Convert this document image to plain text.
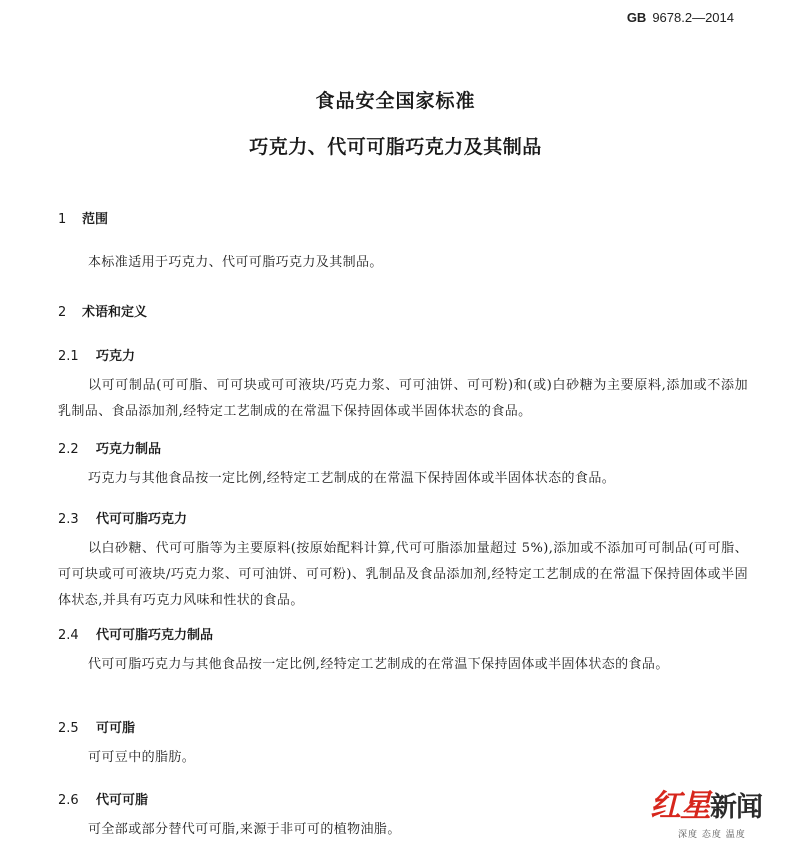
GB 9678.2—2014
食品安全国家标准
巧克力、代可可脂巧克力及其制品
1 范围
本标准适用于巧克力、代可可脂巧克力及其制品。
2 术语和定义
2.1 巧克力
以可可制品(可可脂、可可块或可可液块/巧克力浆、可可油饼、可可粉)和(或)白砂糖为主要原料,添加或不添加乳制品、食品添加剂,经特定工艺制成的在常温下保持固体或半固体状态的食品。
2.2 巧克力制品
巧克力与其他食品按一定比例,经特定工艺制成的在常温下保持固体或半固体状态的食品。
2.3 代可可脂巧克力
以白砂糖、代可可脂等为主要原料(按原始配料计算,代可可脂添加量超过 5%),添加或不添加可可制品(可可脂、可可块或可可液块/巧克力浆、可可油饼、可可粉)、乳制品及食品添加剂,经特定工艺制成的在常温下保持固体或半固体状态,并具有巧克力风味和性状的食品。
2.4 代可可脂巧克力制品
代可可脂巧克力与其他食品按一定比例,经特定工艺制成的在常温下保持固体或半固体状态的食品。
2.5 可可脂
可可豆中的脂肪。
2.6 代可可脂
可全部或部分替代可可脂,来源于非可可的植物油脂。
红星新闻
深度 态度 温度
